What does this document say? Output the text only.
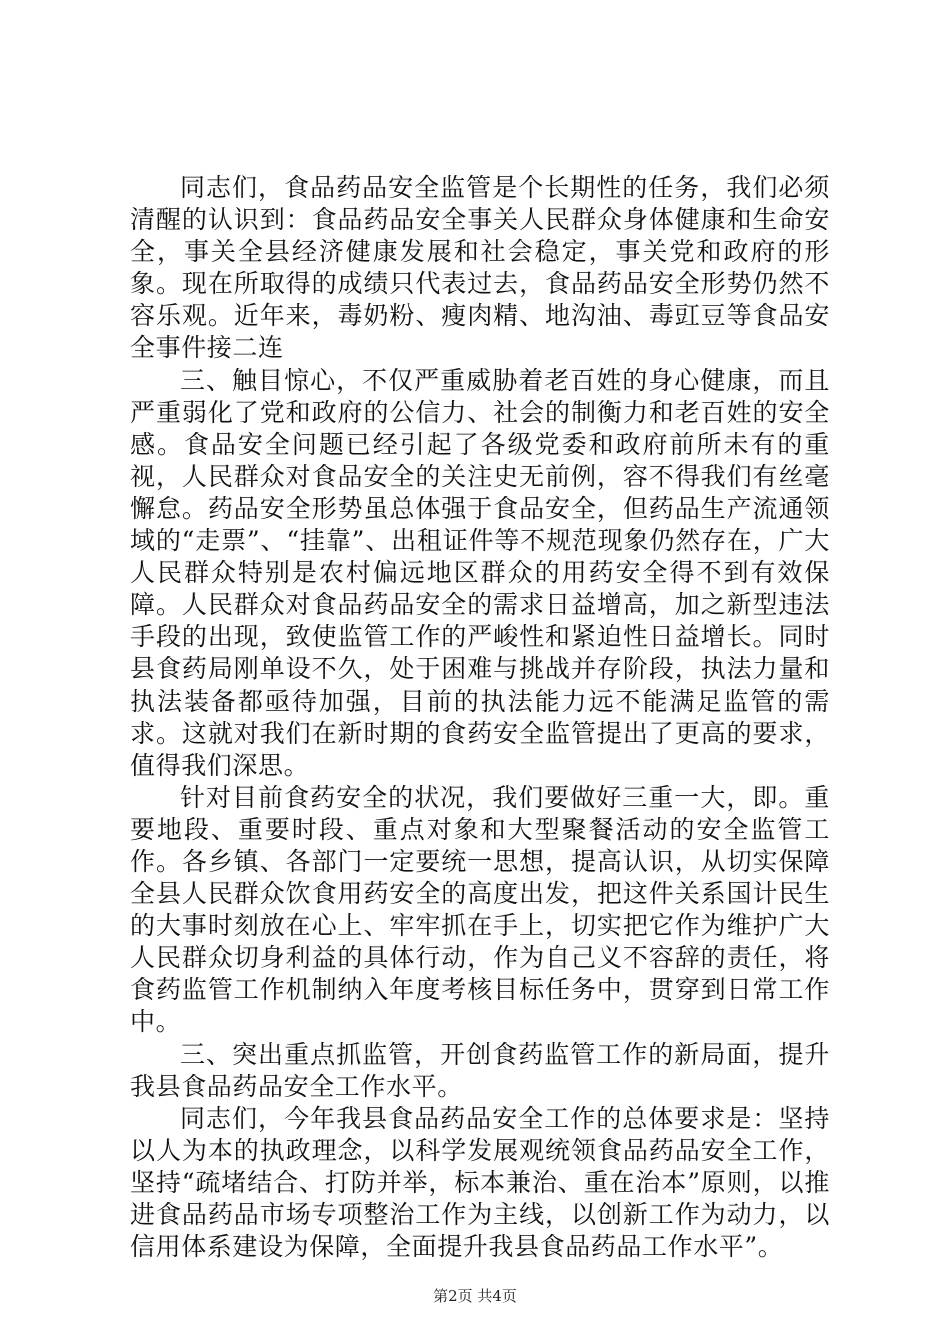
同志们，食品药品安全监管是个长期性的任务，我们必须清醒的认识到：食品药品安全事关人民群众身体健康和生命安全，事关全县经济健康发展和社会稳定，事关党和政府的形象。现在所取得的成绩只代表过去，食品药品安全形势仍然不容乐观。近年来，毒奶粉、瘦肉精、地沟油、毒豇豆等食品安全事件接二连

三、触目惊心，不仅严重威胁着老百姓的身心健康，而且严重弱化了党和政府的公信力、社会的制衡力和老百姓的安全感。食品安全问题已经引起了各级党委和政府前所未有的重视，人民群众对食品安全的关注史无前例，容不得我们有丝毫懈怠。药品安全形势虽总体强于食品安全，但药品生产流通领域的“走票”、“挂靠”、出租证件等不规范现象仍然存在，广大人民群众特别是农村偏远地区群众的用药安全得不到有效保障。人民群众对食品药品安全的需求日益增高，加之新型违法手段的出现，致使监管工作的严峻性和紧迫性日益增长。同时县食药局刚单设不久，处于困难与挑战并存阶段，执法力量和执法装备都亟待加强，目前的执法能力远不能满足监管的需求。这就对我们在新时期的食药安全监管提出了更高的要求，值得我们深思。

针对目前食药安全的状况，我们要做好三重一大，即。重要地段、重要时段、重点对象和大型聚餐活动的安全监管工作。各乡镇、各部门一定要统一思想，提高认识，从切实保障全县人民群众饮食用药安全的高度出发，把这件关系国计民生的大事时刻放在心上、牢牢抓在手上，切实把它作为维护广大人民群众切身利益的具体行动，作为自己义不容辞的责任，将食药监管工作机制纳入年度考核目标任务中，贯穿到日常工作中。

三、突出重点抓监管，开创食药监管工作的新局面，提升我县食品药品安全工作水平。

同志们，今年我县食品药品安全工作的总体要求是：坚持以人为本的执政理念，以科学发展观统领食品药品安全工作，坚持“疏堵结合、打防并举，标本兼治、重在治本”原则，以推进食品药品市场专项整治工作为主线，以创新工作为动力，以信用体系建设为保障，全面提升我县食品药品工作水平”。

第2页 共4页
